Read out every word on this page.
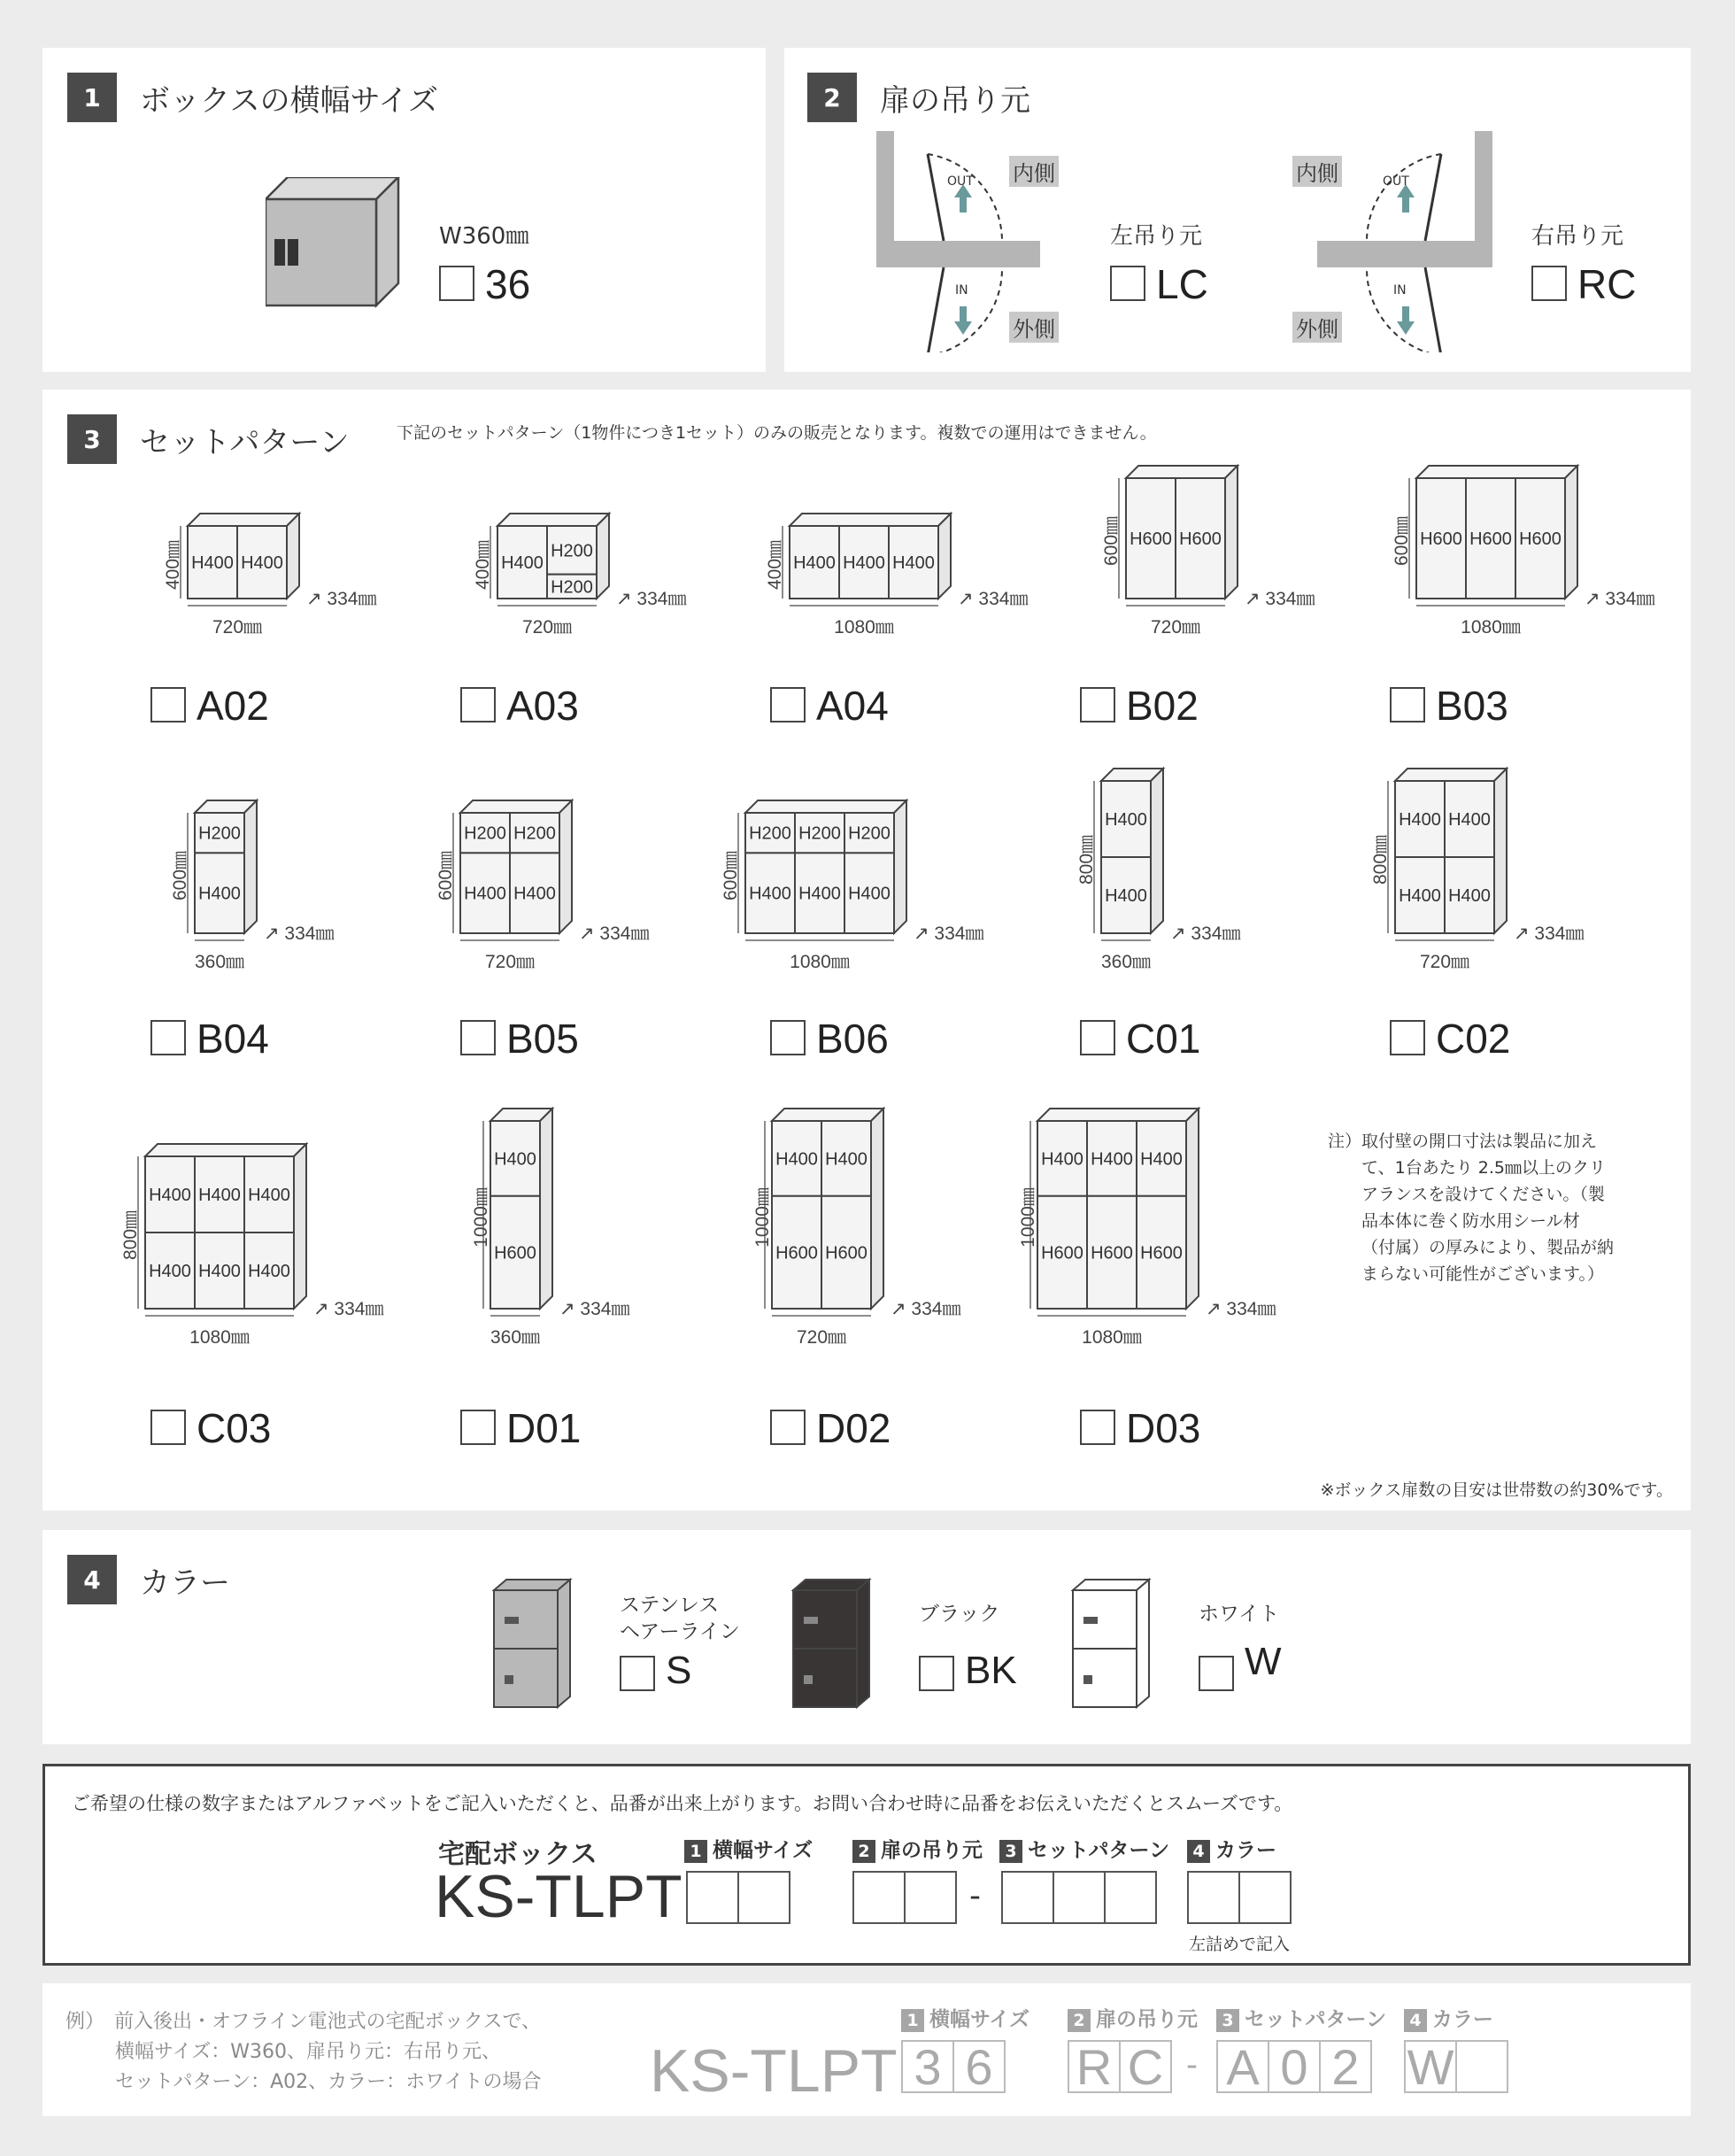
1	ボックスの横幅サイズ
W360㎜
36
2	扉の吊り元
OUT
IN
内側
外側
左吊り元
LC
OUT
IN
内側
外側
右吊り元
RC
3	セットパターン	下記のセットパターン（1物件につき1セット）のみの販売となります。複数での運用はできません。
H400 H400
400㎜
↗ 334㎜
720㎜
A02
H400
H200
H200
400㎜
↗ 334㎜
720㎜
A03
H400 H400 H400
400㎜
↗ 334㎜
1080㎜
A04
H600 H600
600㎜
↗ 334㎜
720㎜
B02
H600 H600 H600
600㎜
↗ 334㎜
1080㎜
B03
H200
H400
600㎜
↗ 334㎜
360㎜
B04
H200 H200
H400 H400
600㎜
↗ 334㎜
720㎜
B05
H200 H200 H200
H400 H400 H400
600㎜
↗ 334㎜
1080㎜
B06
H400
H400
800㎜
↗ 334㎜
360㎜
C01
H400 H400
H400 H400
800㎜
↗ 334㎜
720㎜
C02
H400 H400 H400
H400 H400 H400
800㎜
↗ 334㎜
1080㎜
C03
H400
H600
1000㎜
↗ 334㎜
360㎜
D01
H400 H400
H600 H600
1000㎜
↗ 334㎜
720㎜
D02
H400 H400 H400
H600 H600 H600
1000㎜
↗ 334㎜
1080㎜
D03
注）取付壁の開口寸法は製品に加え
て、1台あたり 2.5㎜以上のクリ
アランスを設けてください。（製
品本体に巻く防水用シール材
（付属）の厚みにより、製品が納
まらない可能性がございます。）
※ボックス扉数の目安は世帯数の約30%です。
4	カラー
ステンレス
ヘアーライン
S
ブラック
BK
ホワイト
W
ご希望の仕様の数字またはアルファベットをご記入いただくと、品番が出来上がります。お問い合わせ時に品番をお伝えいただくとスムーズです。
宅配ボックス
KS-TLPT
1 横幅サイズ	2 扉の吊り元	3 セットパターン	4 カラー
-
左詰めで記入
例）　前入後出・オフライン電池式の宅配ボックスで、
横幅サイズ：W360、扉吊り元：右吊り元、
セットパターン：A02、カラー：ホワイトの場合 KS-TLPT
1 横幅サイズ	2 扉の吊り元	3 セットパターン	4 カラー
3 6 R C - A 0 2 W
